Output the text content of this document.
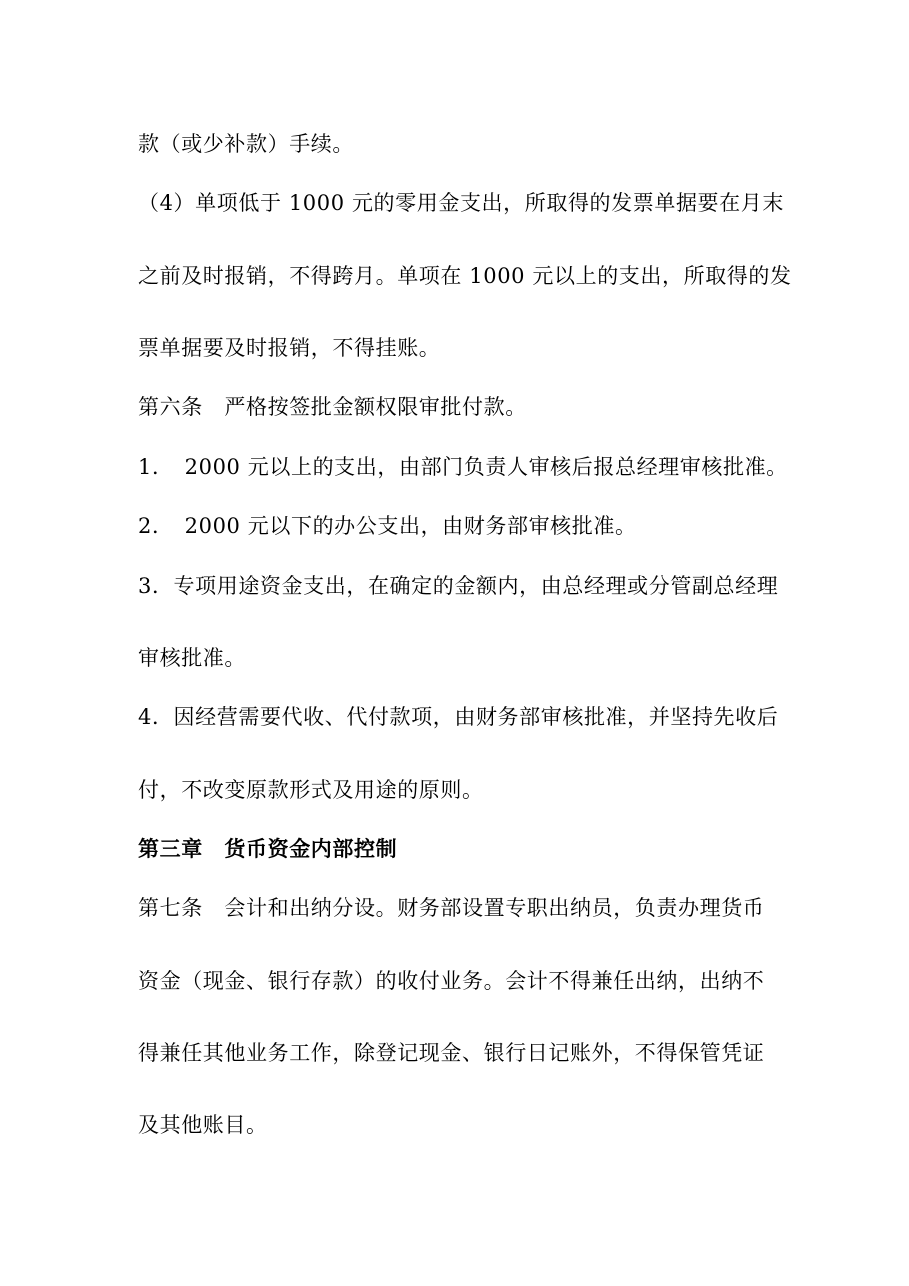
款（或少补款）手续。
（4）单项低于 1000 元的零用金支出，所取得的发票单据要在月末
之前及时报销，不得跨月。单项在 1000 元以上的支出，所取得的发
票单据要及时报销，不得挂账。
第六条　严格按签批金额权限审批付款。
1．　2000 元以上的支出，由部门负责人审核后报总经理审核批准。
2．　2000 元以下的办公支出，由财务部审核批准。
3．专项用途资金支出，在确定的金额内，由总经理或分管副总经理
审核批准。
4．因经营需要代收、代付款项，由财务部审核批准，并坚持先收后
付，不改变原款形式及用途的原则。
第三章　货币资金内部控制
第七条　会计和出纳分设。财务部设置专职出纳员，负责办理货币
资金（现金、银行存款）的收付业务。会计不得兼任出纳，出纳不
得兼任其他业务工作，除登记现金、银行日记账外，不得保管凭证
及其他账目。
